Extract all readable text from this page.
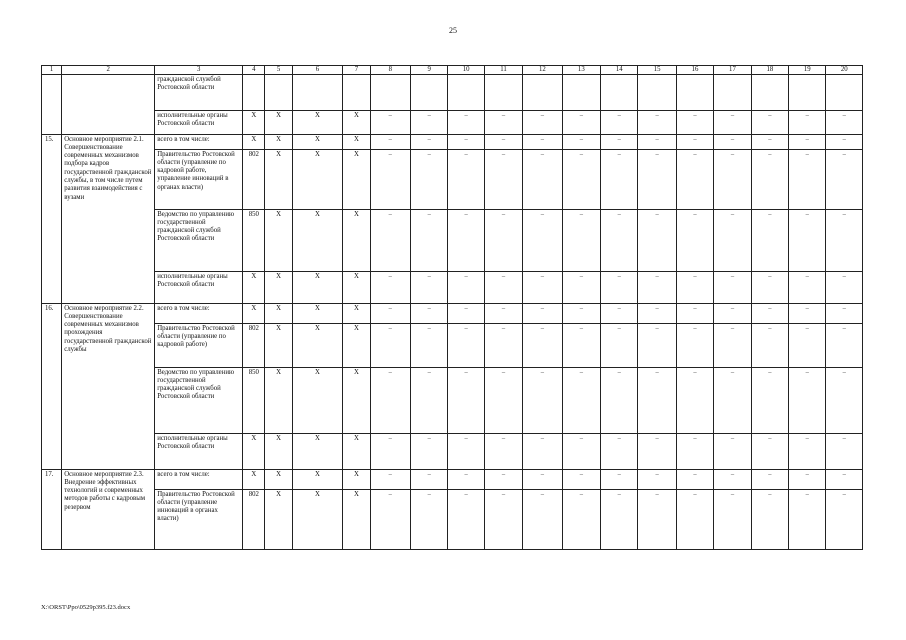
25
1	2	3	4	5	6	7	8	9	10	11	12	13	14	15	16	17	18	19	20
		гражданской службой Ростовской области																	
		исполнительные органы Ростовской области	Х	Х	Х	Х	–	–	–	–	–	–	–	–	–	–	–	–	–
15.	Основное мероприятие 2.1. Совершенствование современных механизмов подбора кадров государственной гражданской службы, в том числе путем развития взаимодействия с вузами	всего в том числе:	Х	Х	Х	Х	–	–	–	–	–	–	–	–	–	–	–	–	–
		Правительство Ростовской области (управление по кадровой работе, управление инноваций в органах власти)	802	Х	Х	Х	–	–	–	–	–	–	–	–	–	–	–	–	–
		Ведомство по управлению государственной гражданской службой Ростовской области	850	Х	Х	Х	–	–	–	–	–	–	–	–	–	–	–	–	–
		исполнительные органы Ростовской области	Х	Х	Х	Х	–	–	–	–	–	–	–	–	–	–	–	–	–
16.	Основное мероприятие 2.2. Совершенствование современных механизмов прохождения государственной гражданской службы	всего в том числе:	Х	Х	Х	Х	–	–	–	–	–	–	–	–	–	–	–	–	–
		Правительство Ростовской области (управление по кадровой работе)	802	Х	Х	Х	–	–	–	–	–	–	–	–	–	–	–	–	–
		Ведомство по управлению государственной гражданской службой Ростовской области	850	Х	Х	Х	–	–	–	–	–	–	–	–	–	–	–	–	–
		исполнительные органы Ростовской области	Х	Х	Х	Х	–	–	–	–	–	–	–	–	–	–	–	–	–
17.	Основное мероприятие 2.3. Внедрение эффективных технологий и современных методов работы с кадровым резервом	всего в том числе:	Х	Х	Х	Х	–	–	–	–	–	–	–	–	–	–	–	–	–
		Правительство Ростовской области (управление инноваций в органах власти)	802	Х	Х	Х	–	–	–	–	–	–	–	–	–	–	–	–	–
X:\ORST\Ppo\0529p395.f23.docx
